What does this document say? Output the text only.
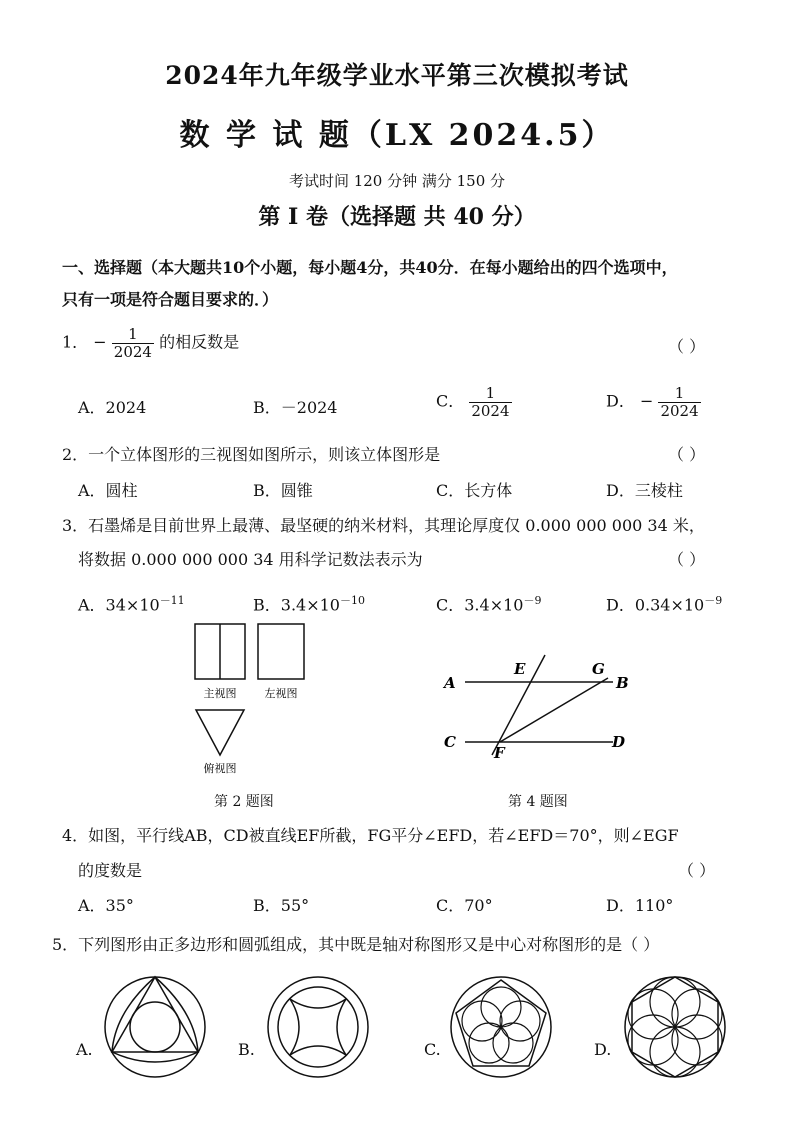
2024年九年级学业水平第三次模拟考试
数 学 试 题（LX 2024.5）
考试时间 120 分钟 满分 150 分
第 I 卷（选择题 共 40 分）
一、选择题（本大题共10个小题，每小题4分，共40分．在每小题给出的四个选项中，
只有一项是符合题目要求的．）
1． − $\frac{1}{2024}$ 的相反数是	（ ）
A．2024	B．－2024	C． $\frac{1}{2024}$	D． − $\frac{1}{2024}$
2．一个立体图形的三视图如图所示，则该立体图形是	（ ）
A．圆柱	B．圆锥	C．长方体	D．三棱柱
3．石墨烯是目前世界上最薄、最坚硬的纳米材料，其理论厚度仅 0.000 000 000 34 米，
将数据 0.000 000 000 34 用科学记数法表示为	（ ）
A．$34\times 10^{-11}$	B．$3.4\times 10^{-10}$	C．$3.4\times 10^{-9}$	D．$0.34\times 10^{-9}$
主视图	左视图
俯视图
第 2 题图
A	B
C	D
E	G
F
第 4 题图
4．如图，平行线AB，CD被直线EF所截，FG平分∠EFD，若∠EFD＝70°，则∠EGF
的度数是	（ ）
A．35°	B．55°	C．70°	D．110°
5．下列图形由正多边形和圆弧组成，其中既是轴对称图形又是中心对称图形的是（ ）
A.	B.	C.	D.
